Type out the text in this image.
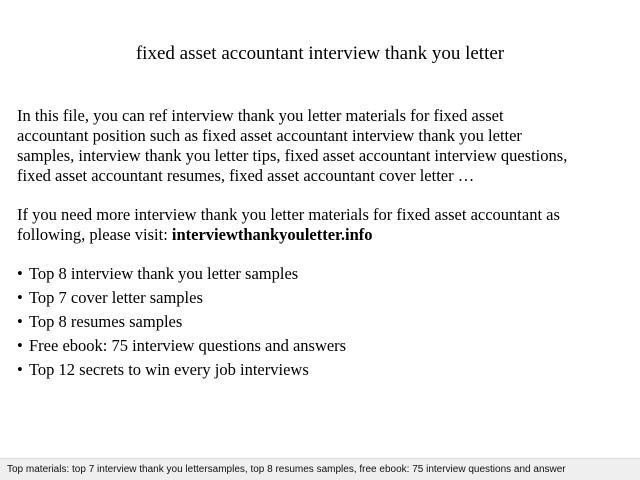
fixed asset accountant interview thank you letter

In this file, you can ref interview thank you letter materials for fixed asset
accountant position such as fixed asset accountant interview thank you letter
samples, interview thank you letter tips, fixed asset accountant interview questions,
fixed asset accountant resumes, fixed asset accountant cover letter …

If you need more interview thank you letter materials for fixed asset accountant as
following, please visit: interviewthankyouletter.info

• Top 8 interview thank you letter samples
• Top 7 cover letter samples
• Top 8 resumes samples
• Free ebook: 75 interview questions and answers
• Top 12 secrets to win every job interviews
Top materials: top 7 interview thank you lettersamples, top 8 resumes samples, free ebook: 75 interview questions and answer
